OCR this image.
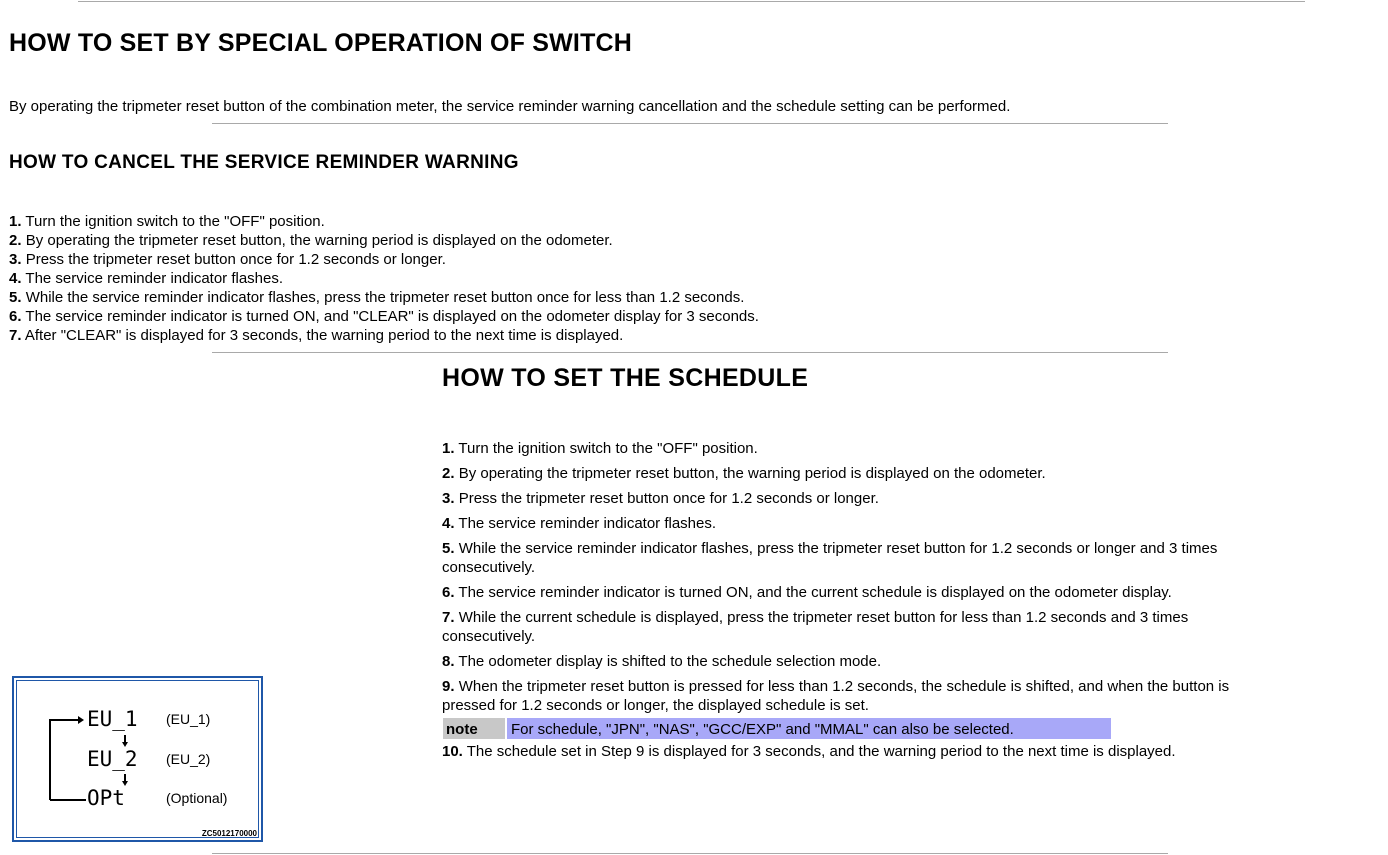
HOW TO SET BY SPECIAL OPERATION OF SWITCH

By operating the tripmeter reset button of the combination meter, the service reminder warning cancellation and the schedule setting can be performed.

HOW TO CANCEL THE SERVICE REMINDER WARNING
1. Turn the ignition switch to the "OFF" position.
2. By operating the tripmeter reset button, the warning period is displayed on the odometer.
3. Press the tripmeter reset button once for 1.2 seconds or longer.
4. The service reminder indicator flashes.
5. While the service reminder indicator flashes, press the tripmeter reset button once for less than 1.2 seconds.
6. The service reminder indicator is turned ON, and "CLEAR" is displayed on the odometer display for 3 seconds.
7. After "CLEAR" is displayed for 3 seconds, the warning period to the next time is displayed.
HOW TO SET THE SCHEDULE
1. Turn the ignition switch to the "OFF" position.
2. By operating the tripmeter reset button, the warning period is displayed on the odometer.
3. Press the tripmeter reset button once for 1.2 seconds or longer.
4. The service reminder indicator flashes.
5. While the service reminder indicator flashes, press the tripmeter reset button for 1.2 seconds or longer and 3 times consecutively.
6. The service reminder indicator is turned ON, and the current schedule is displayed on the odometer display.
7. While the current schedule is displayed, press the tripmeter reset button for less than 1.2 seconds and 3 times consecutively.
8. The odometer display is shifted to the schedule selection mode.
9. When the tripmeter reset button is pressed for less than 1.2 seconds, the schedule is shifted, and when the button is pressed for 1.2 seconds or longer, the displayed schedule is set.
note	For schedule, "JPN", "NAS", "GCC/EXP" and "MMAL" can also be selected.
10. The schedule set in Step 9 is displayed for 3 seconds, and the warning period to the next time is displayed.
EU_1
EU_2
OPt
(EU_1)
(EU_2)
(Optional)
ZC5012170000
